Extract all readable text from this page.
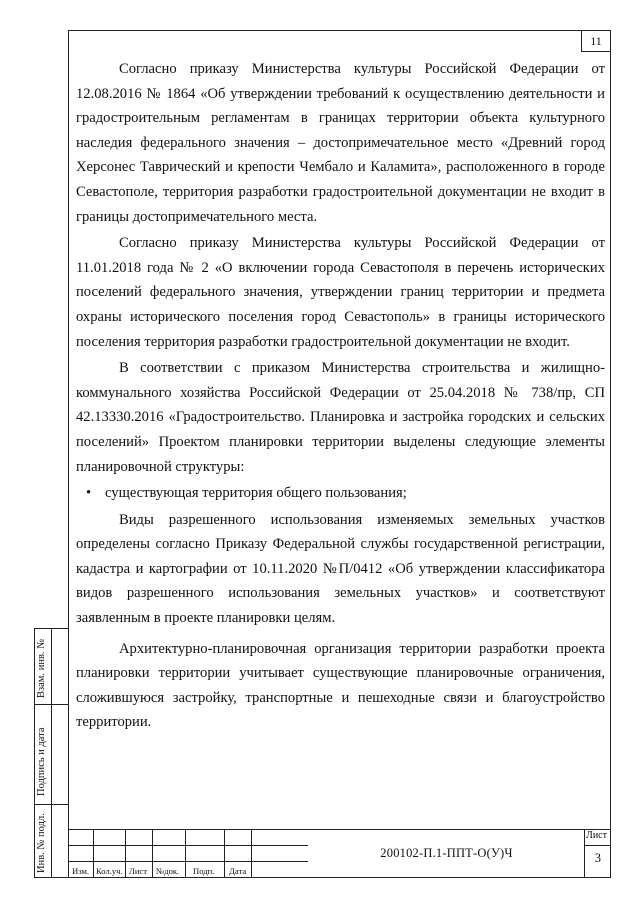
11

Согласно приказу Министерства культуры Российской Федерации от 12.08.2016 № 1864 «Об утверждении требований к осуществлению деятельности и градостроительным регламентам в границах территории объекта культурного наследия федерального значения – достопримечательное место «Древний город Херсонес Таврический и крепости Чембало и Каламита», расположенного в городе Севастополе, территория разработки градостроительной документации не входит в границы достопримечательного места.

Согласно приказу Министерства культуры Российской Федерации от 11.01.2018 года № 2 «О включении города Севастополя в перечень исторических поселений федерального значения, утверждении границ территории и предмета охраны исторического поселения город Севастополь» в границы исторического поселения территория разработки градостроительной документации не входит.

В соответствии с приказом Министерства строительства и жилищно-коммунального хозяйства Российской Федерации от 25.04.2018 № 738/пр, СП 42.13330.2016 «Градостроительство. Планировка и застройка городских и сельских поселений» Проектом планировки территории выделены следующие элементы планировочной структуры:

• существующая территория общего пользования;

Виды разрешенного использования изменяемых земельных участков определены согласно Приказу Федеральной службы государственной регистрации, кадастра и картографии от 10.11.2020 №П/0412 «Об утверждении классификатора видов разрешенного использования земельных участков» и соответствуют заявленным в проекте планировки целям.

Архитектурно-планировочная организация территории разработки проекта планировки территории учитывает существующие планировочные ограничения, сложившуюся застройку, транспортные и пешеходные связи и благоустройство территории.

Взам. инв. №
Подпись и дата
Инв. № подл.	Изм. Кол.уч. Лист №док. Подп. Дата
200102-П.1-ППТ-О(У)Ч
Лист
3
